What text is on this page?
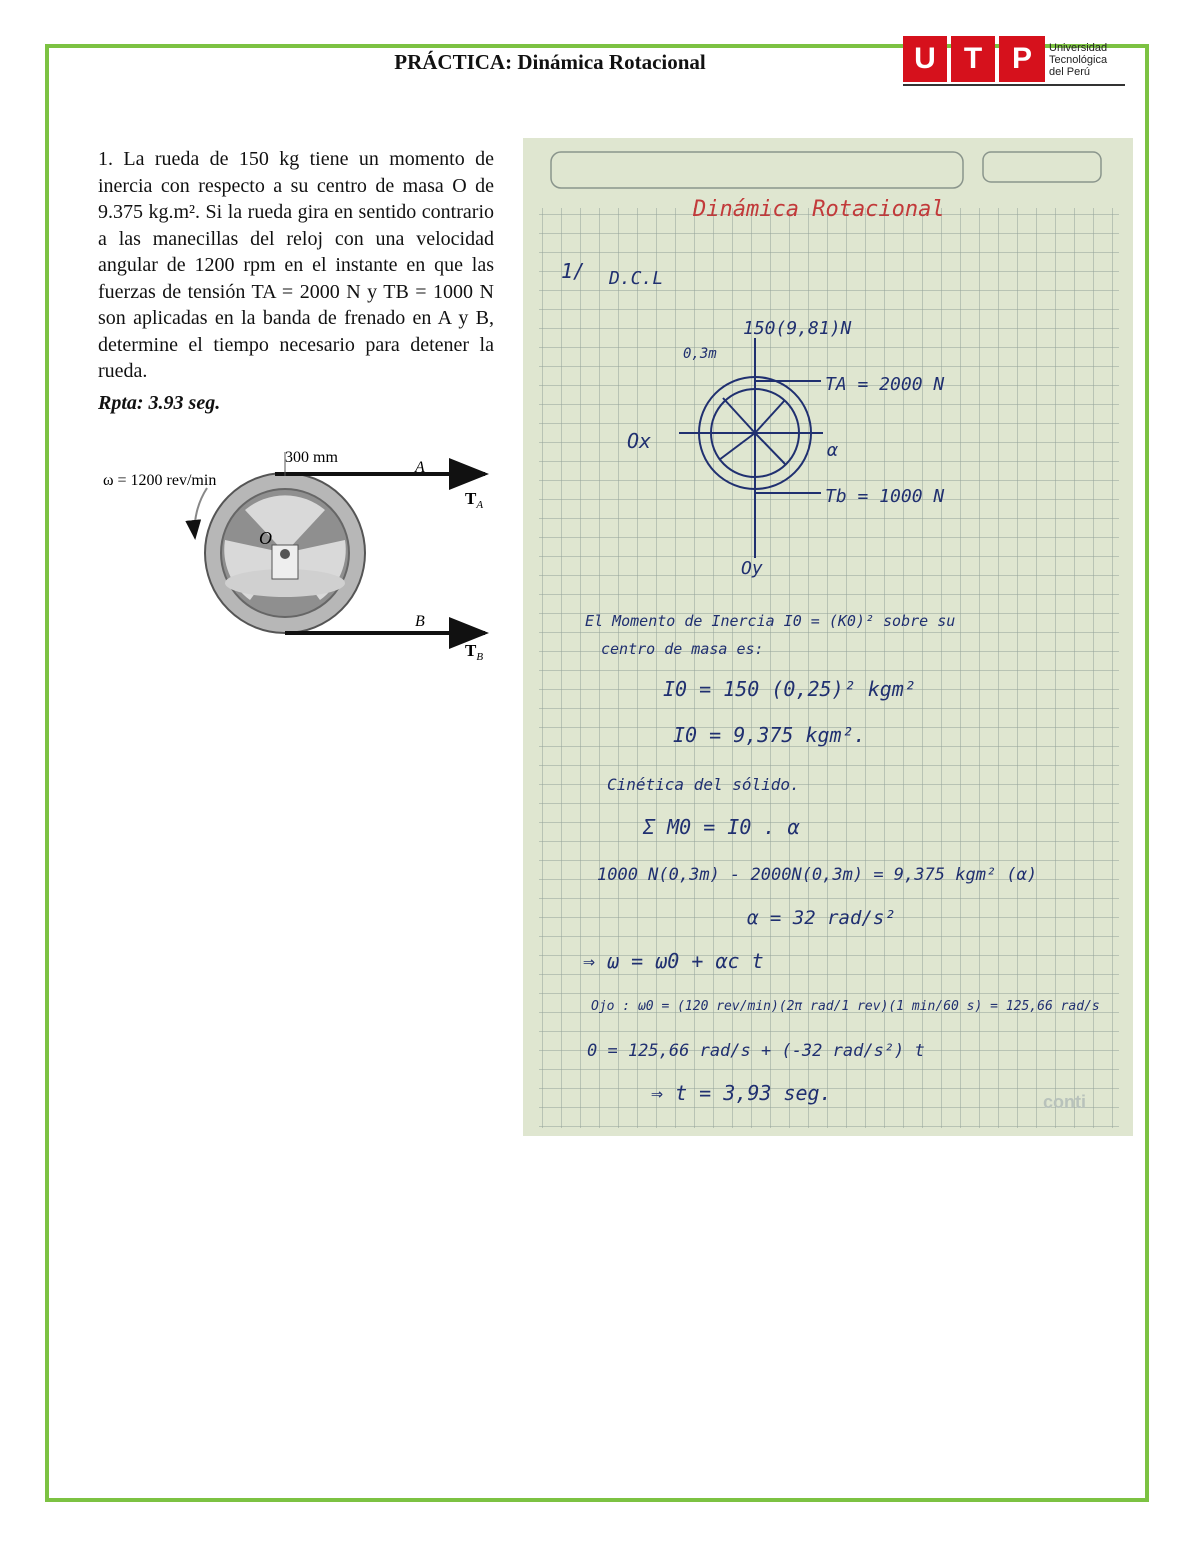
PRÁCTICA: Dinámica Rotacional	U T P	Universidad
Tecnológica
del Perú
1. La rueda de 150 kg tiene un momento de inercia con respecto a su centro de masa O de 9.375 kg.m². Si la rueda gira en sentido contrario a las manecillas del reloj con una velocidad angular de 1200 rpm en el instante en que las fuerzas de tensión TA = 2000 N y TB = 1000 N son aplicadas en la banda de frenado en A y B, determine el tiempo necesario para detener la rueda.
Rpta: 3.93 seg.
ω = 1200 rev/min
300 mm
O
A
B
$T_A$
$T_B$
Dinámica Rotacional
1/ D.C.L
150(9,81)N
0,3m
TA = 2000 N
Ox	α
Tb = 1000 N
Oy
El Momento de Inercia I0 = (K0)² sobre su
centro de masa es:
I0 = 150 (0,25)² kgm²
I0 = 9,375 kgm².
Cinética del sólido.
Σ M0 = I0 . α
1000 N(0,3m) - 2000N(0,3m) = 9,375 kgm² (α)
α = 32 rad/s²
⇒ ω = ω0 + αc t
Ojo : ω0 = (120 rev/min)(2π rad/1 rev)(1 min/60 s) = 125,66 rad/s
0 = 125,66 rad/s + (-32 rad/s²) t
⇒ t = 3,93 seg.	conti
